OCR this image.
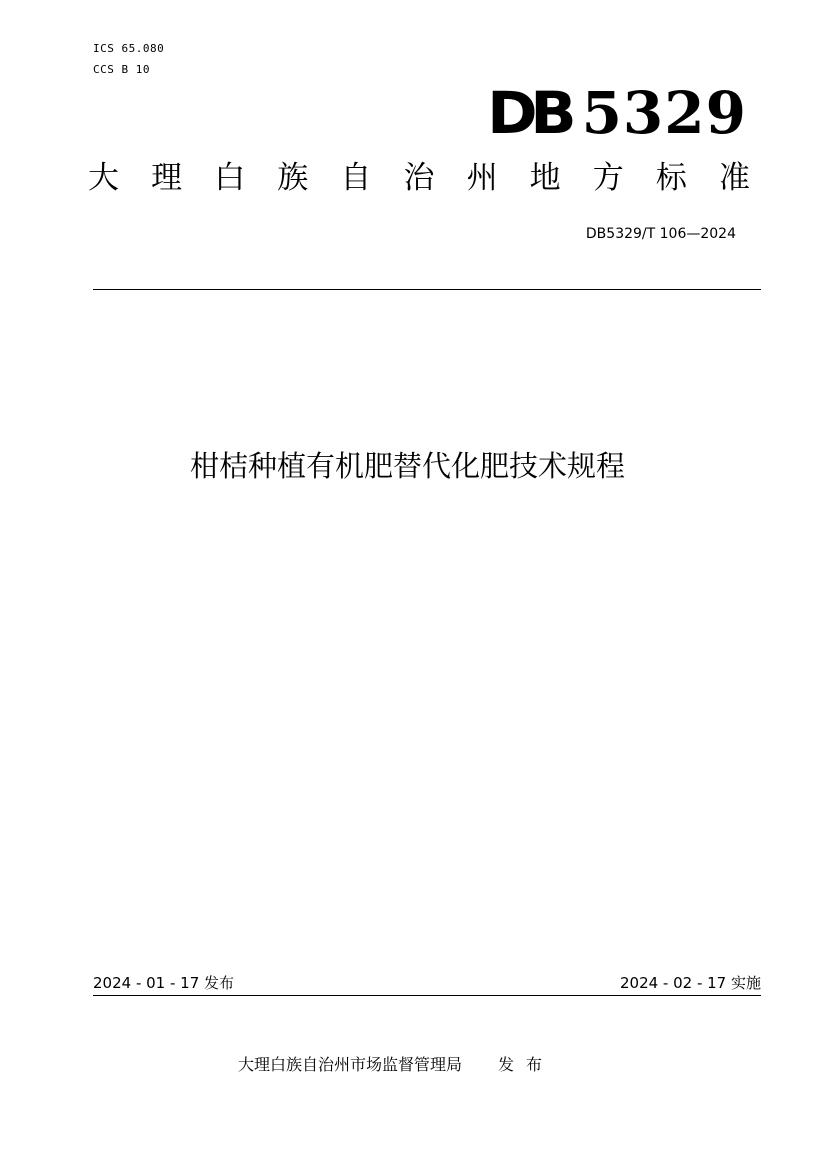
ICS 65.080
CCS B 10
DB 5329
大 理 白 族 自 治 州 地 方 标 准
DB5329/T 106—2024
柑桔种植有机肥替代化肥技术规程
2024 - 01 - 17 发布	2024 - 02 - 17 实施
大理白族自治州市场监督管理局 发布
